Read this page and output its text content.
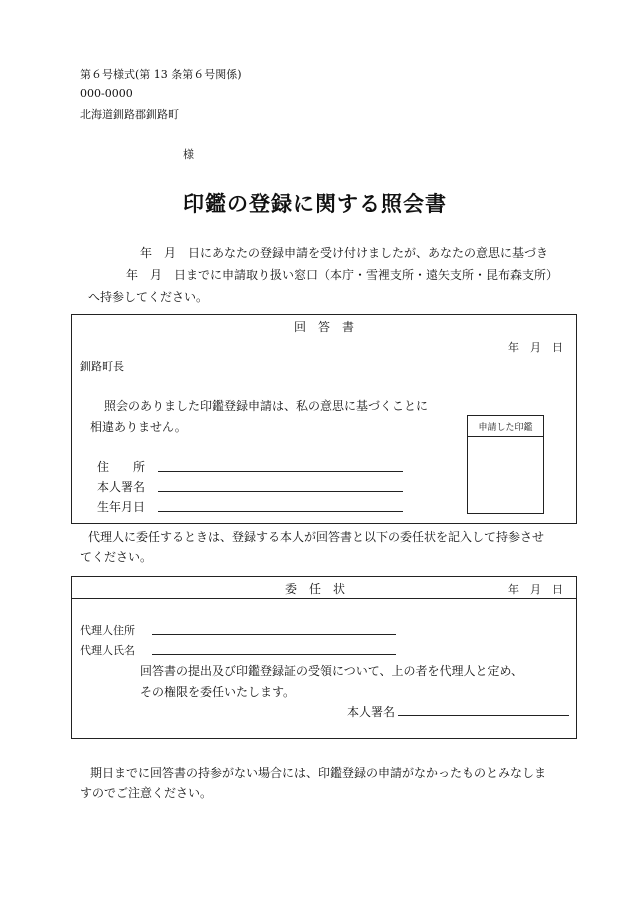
第６号様式(第 13 条第６号関係)
000-0000
北海道釧路郡釧路町
様
印鑑の登録に関する照会書
年　月　日にあなたの登録申請を受け付けましたが、あなたの意思に基づき
年　月　日までに申請取り扱い窓口（本庁・雪裡支所・遠矢支所・昆布森支所）
へ持参してください。
回　答　書
年　月　日
釧路町長
照会のありました印鑑登録申請は、私の意思に基づくことに
相違ありません。	申請した印鑑
住　　所
本人署名
生年月日
代理人に委任するときは、登録する本人が回答書と以下の委任状を記入して持参させ
てください。
委　任　状	年　月　日
代理人住所
代理人氏名
回答書の提出及び印鑑登録証の受領について、上の者を代理人と定め、
その権限を委任いたします。
本人署名
期日までに回答書の持参がない場合には、印鑑登録の申請がなかったものとみなしま
すのでご注意ください。
